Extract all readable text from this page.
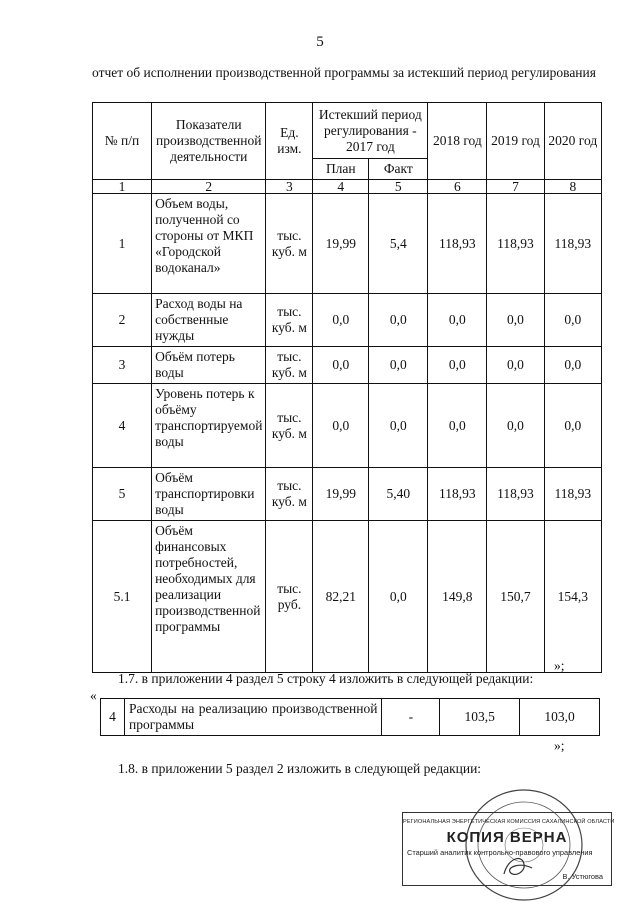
5
отчет об исполнении производственной программы за истекший период регулирования
№ п/п	Показатели производственной деятельности	Ед. изм.	Истекший период регулирования - 2017 год		2018 год	2019 год	2020 год
			План	Факт			
1	2	3	4	5	6	7	8
1	Объем воды, полученной со стороны от МКП «Городской водоканал»	тыс. куб. м	19,99	5,4	118,93	118,93	118,93
2	Расход воды на собственные нужды	тыс. куб. м	0,0	0,0	0,0	0,0	0,0
3	Объём потерь воды	тыс. куб. м	0,0	0,0	0,0	0,0	0,0
4	Уровень потерь к объёму транспортируемой воды	тыс. куб. м	0,0	0,0	0,0	0,0	0,0
5	Объём транспортировки воды	тыс. куб. м	19,99	5,40	118,93	118,93	118,93
5.1	Объём финансовых потребностей, необходимых для реализации производственной программы	тыс. руб.	82,21	0,0	149,8	150,7	154,3
»;
1.7. в приложении 4 раздел 5 строку 4 изложить в следующей редакции:
«
4	Расходы на реализацию производственной программы	-	103,5	103,0
»;
1.8. в приложении 5 раздел 2 изложить в следующей редакции:
РЕГИОНАЛЬНАЯ ЭНЕРГЕТИЧЕСКАЯ КОМИССИЯ САХАЛИНСКОЙ ОБЛАСТИ
КОПИЯ ВЕРНА
Старший аналитик контрольно-правового управления
В. Устюгова
